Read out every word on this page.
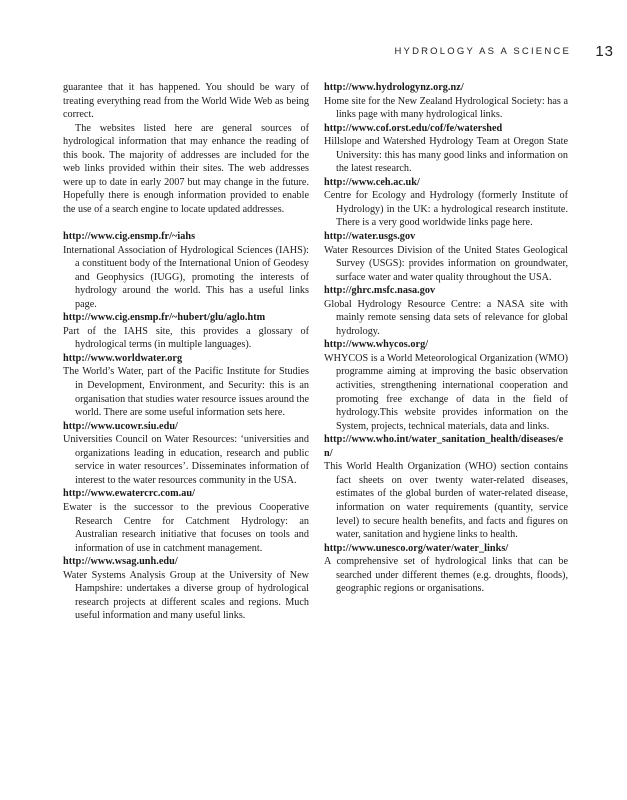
HYDROLOGY AS A SCIENCE 13

guarantee that it has happened. You should be wary of treating everything read from the World Wide Web as being correct.

The websites listed here are general sources of hydrological information that may enhance the reading of this book. The majority of addresses are included for the web links provided within their sites. The web addresses were up to date in early 2007 but may change in the future. Hopefully there is enough information provided to enable the use of a search engine to locate updated addresses.

http://www.cig.ensmp.fr/~iahs

International Association of Hydrological Sciences (IAHS): a constituent body of the International Union of Geodesy and Geophysics (IUGG), promoting the interests of hydrology around the world. This has a useful links page.

http://www.cig.ensmp.fr/~hubert/glu/aglo.htm

Part of the IAHS site, this provides a glossary of hydrological terms (in multiple languages).

http://www.worldwater.org

The World’s Water, part of the Pacific Institute for Studies in Development, Environment, and Security: this is an organisation that studies water resource issues around the world. There are some useful information sets here.

http://www.ucowr.siu.edu/

Universities Council on Water Resources: ‘universities and organizations leading in education, research and public service in water resources’. Disseminates information of interest to the water resources community in the USA.

http://www.ewatercrc.com.au/

Ewater is the successor to the previous Cooperative Research Centre for Catchment Hydrology: an Australian research initiative that focuses on tools and information of use in catchment management.

http://www.wsag.unh.edu/

Water Systems Analysis Group at the University of New Hampshire: undertakes a diverse group of hydrological research projects at different scales and regions. Much useful information and many useful links.

http://www.hydrologynz.org.nz/

Home site for the New Zealand Hydrological Society: has a links page with many hydrological links.

http://www.cof.orst.edu/cof/fe/watershed

Hillslope and Watershed Hydrology Team at Oregon State University: this has many good links and information on the latest research.

http://www.ceh.ac.uk/

Centre for Ecology and Hydrology (formerly Institute of Hydrology) in the UK: a hydrological research institute. There is a very good worldwide links page here.

http://water.usgs.gov

Water Resources Division of the United States Geological Survey (USGS): provides information on groundwater, surface water and water quality throughout the USA.

http://ghrc.msfc.nasa.gov

Global Hydrology Resource Centre: a NASA site with mainly remote sensing data sets of relevance for global hydrology.

http://www.whycos.org/

WHYCOS is a World Meteorological Organization (WMO) programme aiming at improving the basic observation activities, strengthening international cooperation and promoting free exchange of data in the field of hydrology.This website provides information on the System, projects, technical materials, data and links.

http://www.who.int/water_sanitation_health/diseases/en/

This World Health Organization (WHO) section contains fact sheets on over twenty water-related diseases, estimates of the global burden of water-related disease, information on water requirements (quantity, service level) to secure health benefits, and facts and figures on water, sanitation and hygiene links to health.

http://www.unesco.org/water/water_links/

A comprehensive set of hydrological links that can be searched under different themes (e.g. droughts, floods), geographic regions or organisations.
